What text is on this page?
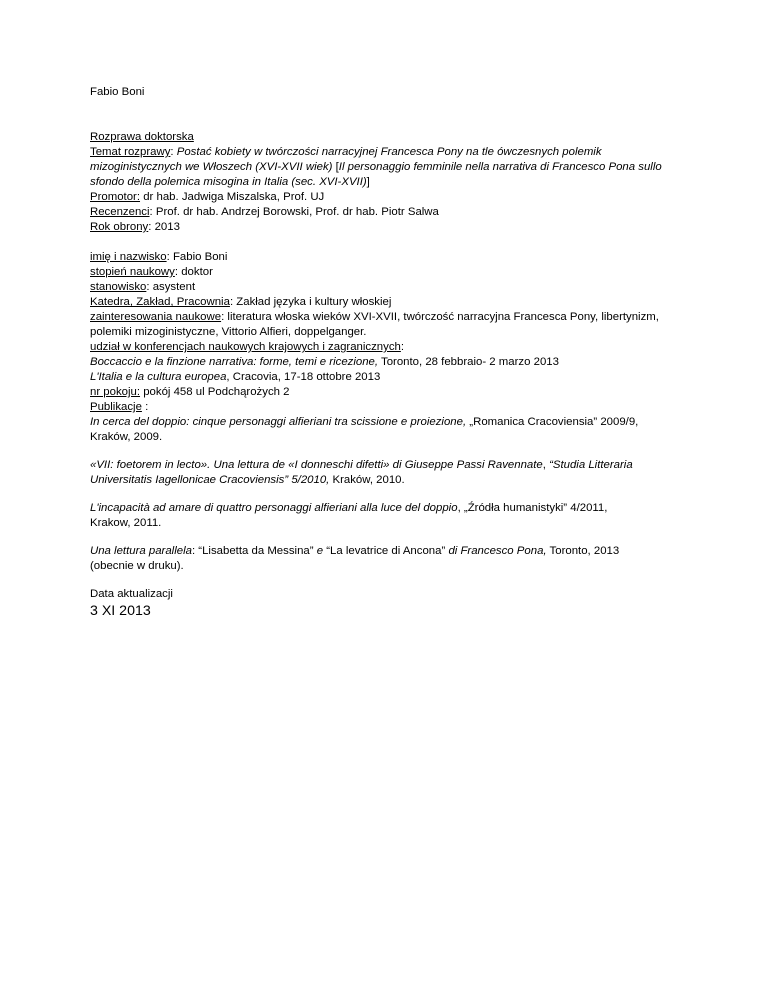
Fabio Boni
Rozprawa doktorska
Temat rozprawy: Postać kobiety w twórczości narracyjnej Francesca Pony na tle ówczesnych polemik mizoginistycznych we Włoszech (XVI-XVII wiek) [Il personaggio femminile nella narrativa di Francesco Pona sullo sfondo della polemica misogina in Italia (sec. XVI-XVII)]
Promotor: dr hab. Jadwiga Miszalska, Prof. UJ
Recenzenci: Prof. dr hab. Andrzej Borowski, Prof. dr hab. Piotr Salwa
Rok obrony: 2013
imię i nazwisko: Fabio Boni
stopień naukowy: doktor
stanowisko: asystent
Katedra, Zakład, Pracownia: Zakład języka i kultury włoskiej
zainteresowania naukowe: literatura włoska wieków XVI-XVII, twórczość narracyjna Francesca Pony, libertynizm, polemiki mizoginistyczne, Vittorio Alfieri, doppelganger.
udział w konferencjach naukowych krajowych i zagranicznych:
Boccaccio e la finzione narrativa: forme, temi e ricezione, Toronto, 28 febbraio- 2 marzo 2013
L'Italia e la cultura europea, Cracovia, 17-18 ottobre 2013
nr pokoju: pokój 458 ul Podchąrożych 2
Publikacje :
In cerca del doppio: cinque personaggi alfieriani tra scissione e proiezione, „Romanica Cracoviensia” 2009/9,
Kraków, 2009.
«VII: foetorem in lecto». Una lettura de «I donneschi difetti» di Giuseppe Passi Ravennate, “Studia Litteraria Universitatis Iagellonicae Cracoviensis” 5/2010, Kraków, 2010.
L'incapacità ad amare di quattro personaggi alfieriani alla luce del doppio, „Źródła humanistyki” 4/2011,
Krakow, 2011.
Una lettura parallela: “Lisabetta da Messina” e “La levatrice di Ancona” di Francesco Pona, Toronto, 2013
(obecnie w druku).
Data aktualizacji
3 XI 2013
